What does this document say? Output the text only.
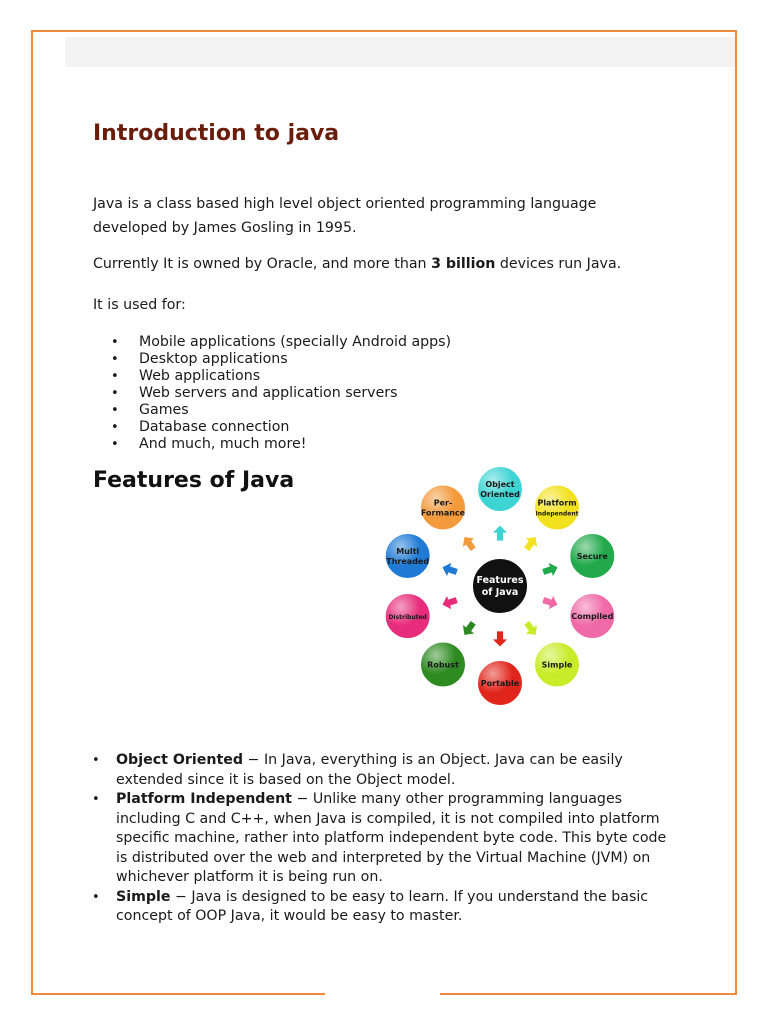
Introduction to java

Java is a class based high level object oriented programming language developed by James Gosling in 1995.

Currently It is owned by Oracle, and more than 3 billion devices run Java.

It is used for:

• Mobile applications (specially Android apps)
• Desktop applications
• Web applications
• Web servers and application servers
• Games
• Database connection
• And much, much more!
Features of Java	Object
Oriented
Platform
Independent
Secure
Compiled
Simple
Portable
Robust
Distributed
Multi
Threaded
Per-
Formance
Features
of Java
• Object Oriented − In Java, everything is an Object. Java can be easily extended since it is based on the Object model.
• Platform Independent − Unlike many other programming languages including C and C++, when Java is compiled, it is not compiled into platform specific machine, rather into platform independent byte code. This byte code is distributed over the web and interpreted by the Virtual Machine (JVM) on whichever platform it is being run on.
• Simple − Java is designed to be easy to learn. If you understand the basic concept of OOP Java, it would be easy to master.
